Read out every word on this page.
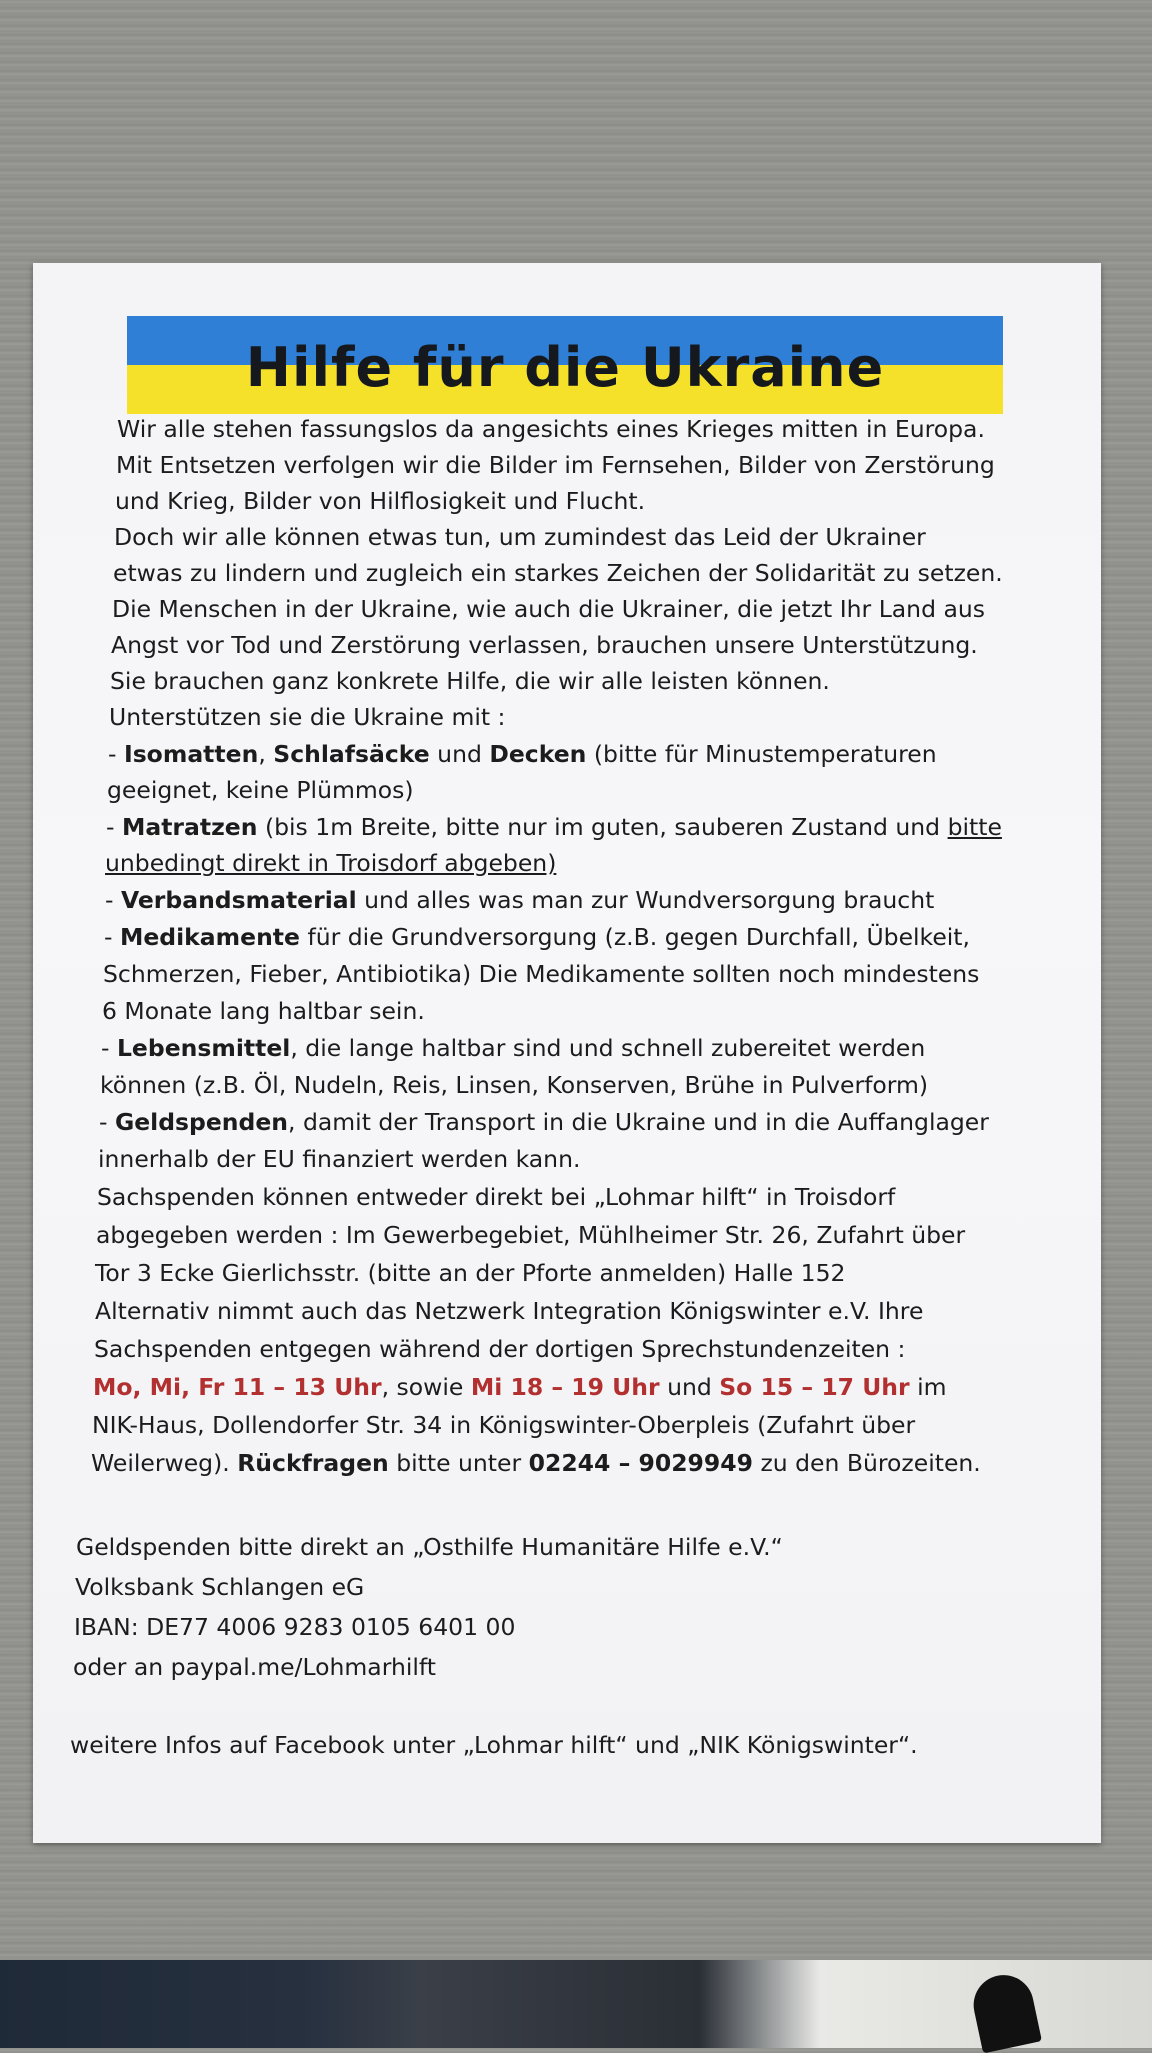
Hilfe für die Ukraine
Wir alle stehen fassungslos da angesichts eines Krieges mitten in Europa.
Mit Entsetzen verfolgen wir die Bilder im Fernsehen, Bilder von Zerstörung
und Krieg, Bilder von Hilflosigkeit und Flucht.
Doch wir alle können etwas tun, um zumindest das Leid der Ukrainer
etwas zu lindern und zugleich ein starkes Zeichen der Solidarität zu setzen.
Die Menschen in der Ukraine, wie auch die Ukrainer, die jetzt Ihr Land aus
Angst vor Tod und Zerstörung verlassen, brauchen unsere Unterstützung.
Sie brauchen ganz konkrete Hilfe, die wir alle leisten können.
Unterstützen sie die Ukraine mit :
- Isomatten, Schlafsäcke und Decken (bitte für Minustemperaturen
geeignet, keine Plümmos)
- Matratzen (bis 1m Breite, bitte nur im guten, sauberen Zustand und bitte
unbedingt direkt in Troisdorf abgeben)
- Verbandsmaterial und alles was man zur Wundversorgung braucht
- Medikamente für die Grundversorgung (z.B. gegen Durchfall, Übelkeit,
Schmerzen, Fieber, Antibiotika) Die Medikamente sollten noch mindestens
6 Monate lang haltbar sein.
- Lebensmittel, die lange haltbar sind und schnell zubereitet werden
können (z.B. Öl, Nudeln, Reis, Linsen, Konserven, Brühe in Pulverform)
- Geldspenden, damit der Transport in die Ukraine und in die Auffanglager
innerhalb der EU finanziert werden kann.
Sachspenden können entweder direkt bei „Lohmar hilft“ in Troisdorf
abgegeben werden : Im Gewerbegebiet, Mühlheimer Str. 26, Zufahrt über
Tor 3 Ecke Gierlichsstr. (bitte an der Pforte anmelden) Halle 152
Alternativ nimmt auch das Netzwerk Integration Königswinter e.V. Ihre
Sachspenden entgegen während der dortigen Sprechstundenzeiten :
Mo, Mi, Fr 11 – 13 Uhr, sowie Mi 18 – 19 Uhr und So 15 – 17 Uhr im
NIK-Haus, Dollendorfer Str. 34 in Königswinter-Oberpleis (Zufahrt über
Weilerweg). Rückfragen bitte unter 02244 – 9029949 zu den Bürozeiten.
Geldspenden bitte direkt an „Osthilfe Humanitäre Hilfe e.V.“
Volksbank Schlangen eG
IBAN: DE77 4006 9283 0105 6401 00
oder an paypal.me/Lohmarhilft
weitere Infos auf Facebook unter „Lohmar hilft“ und „NIK Königswinter“.
